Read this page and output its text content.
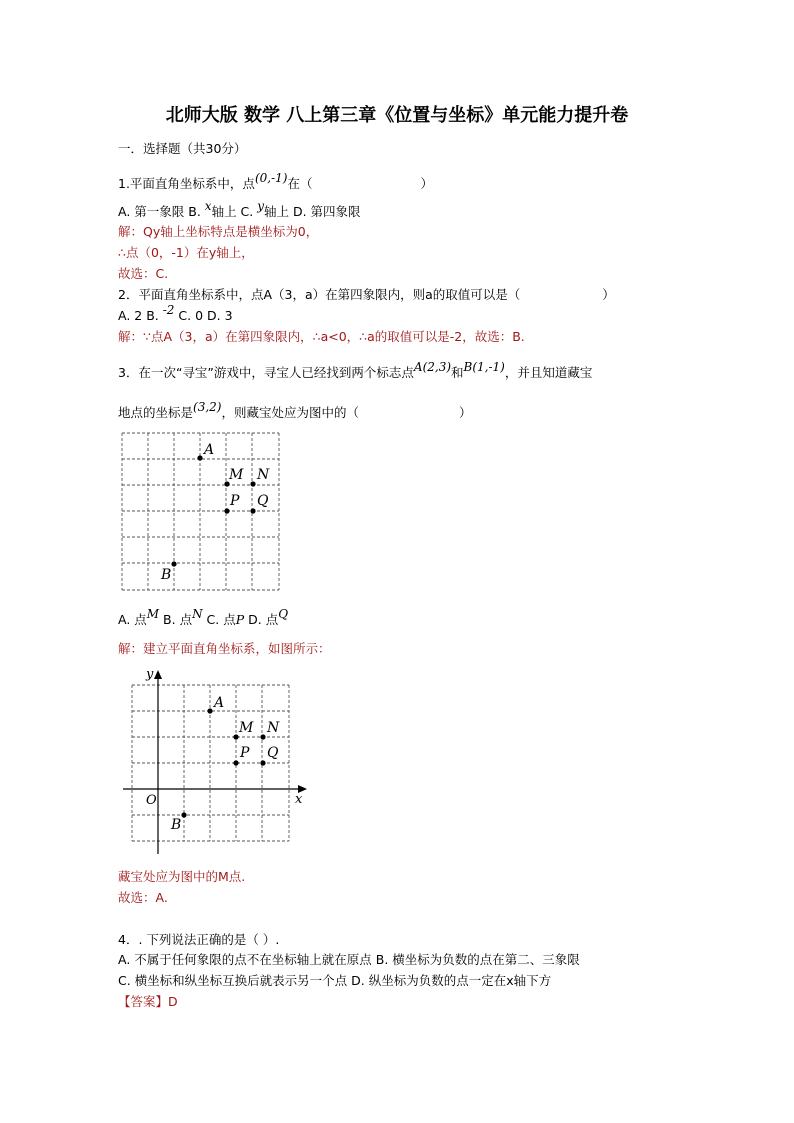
北师大版 数学 八上第三章《位置与坐标》单元能力提升卷
一．选择题（共30分）
1.平面直角坐标系中，点(0,-1)在（	）
A. 第一象限 B. x轴上 C. y轴上 D. 第四象限
解：Qy轴上坐标特点是横坐标为0，
∴点（0，-1）在y轴上，
故选：C.
2．平面直角坐标系中，点A（3，a）在第四象限内，则a的取值可以是（	）
A. 2 B. -2 C. 0 D. 3
解：∵点A（3，a）在第四象限内，∴a<0，∴a的取值可以是-2，故选：B.
3．在一次“寻宝”游戏中，寻宝人已经找到两个标志点A(2,3)和B(1,-1)，并且知道藏宝
地点的坐标是(3,2)，则藏宝处应为图中的（	）
A
M N
P Q
B
A. 点M B. 点N C. 点P D. 点Q
解：建立平面直角坐标系，如图所示：
y
x
O
A
M N
P Q
B
藏宝处应为图中的M点.
故选：A.
4．. 下列说法正确的是（ ）.
A. 不属于任何象限的点不在坐标轴上就在原点 B. 横坐标为负数的点在第二、三象限
C. 横坐标和纵坐标互换后就表示另一个点 D. 纵坐标为负数的点一定在x轴下方
【答案】D
